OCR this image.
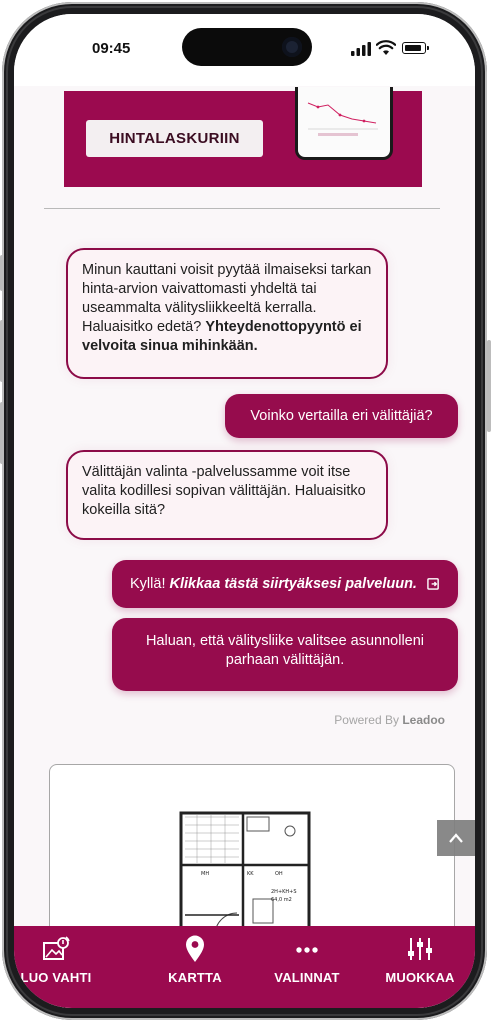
09:45
HINTALASKURIIN
Minun kauttani voisit pyytää ilmaiseksi tarkan hinta-arvion vaivattomasti yhdeltä tai useammalta välitysliikkeeltä kerralla. Haluaisitko edetä? Yhteydenottopyyntö ei velvoita sinua mihinkään.
Voinko vertailla eri välittäjiä?
Välittäjän valinta -palvelussamme voit itse valita kodillesi sopivan välittäjän. Haluaisitko kokeilla sitä?
Kyllä! Klikkaa tästä siirtyäksesi palveluun.
Haluan, että välitysliike valitsee asunnolleni parhaan välittäjän.
Powered By Leadoo
MH	KK	OH
2H+KH+S
64,0 m2
LUO VAHTI	KARTTA	VALINNAT	MUOKKAA
